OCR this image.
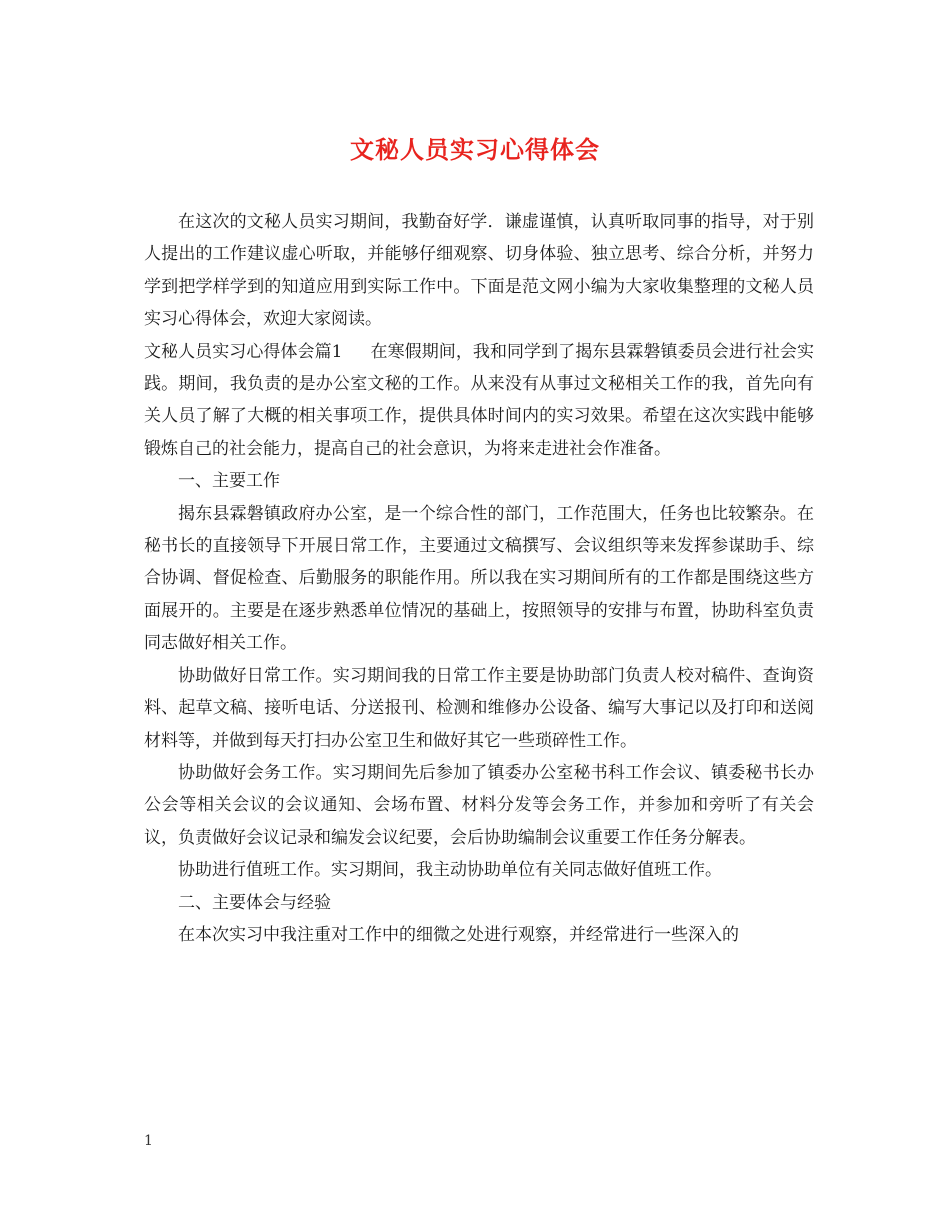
文秘人员实习心得体会

在这次的文秘人员实习期间，我勤奋好学．谦虚谨慎，认真听取同事的指导，对于别人提出的工作建议虚心听取，并能够仔细观察、切身体验、独立思考、综合分析，并努力学到把学样学到的知道应用到实际工作中。下面是范文网小编为大家收集整理的文秘人员实习心得体会，欢迎大家阅读。

文秘人员实习心得体会篇1 在寒假期间，我和同学到了揭东县霖磐镇委员会进行社会实践。期间，我负责的是办公室文秘的工作。从来没有从事过文秘相关工作的我，首先向有关人员了解了大概的相关事项工作，提供具体时间内的实习效果。希望在这次实践中能够锻炼自己的社会能力，提高自己的社会意识，为将来走进社会作准备。

一、主要工作

揭东县霖磐镇政府办公室，是一个综合性的部门，工作范围大，任务也比较繁杂。在秘书长的直接领导下开展日常工作，主要通过文稿撰写、会议组织等来发挥参谋助手、综合协调、督促检查、后勤服务的职能作用。所以我在实习期间所有的工作都是围绕这些方面展开的。主要是在逐步熟悉单位情况的基础上，按照领导的安排与布置，协助科室负责同志做好相关工作。

协助做好日常工作。实习期间我的日常工作主要是协助部门负责人校对稿件、查询资料、起草文稿、接听电话、分送报刊、检测和维修办公设备、编写大事记以及打印和送阅材料等，并做到每天打扫办公室卫生和做好其它一些琐碎性工作。

协助做好会务工作。实习期间先后参加了镇委办公室秘书科工作会议、镇委秘书长办公会等相关会议的会议通知、会场布置、材料分发等会务工作，并参加和旁听了有关会议，负责做好会议记录和编发会议纪要，会后协助编制会议重要工作任务分解表。

协助进行值班工作。实习期间，我主动协助单位有关同志做好值班工作。

二、主要体会与经验

在本次实习中我注重对工作中的细微之处进行观察，并经常进行一些深入的

1
